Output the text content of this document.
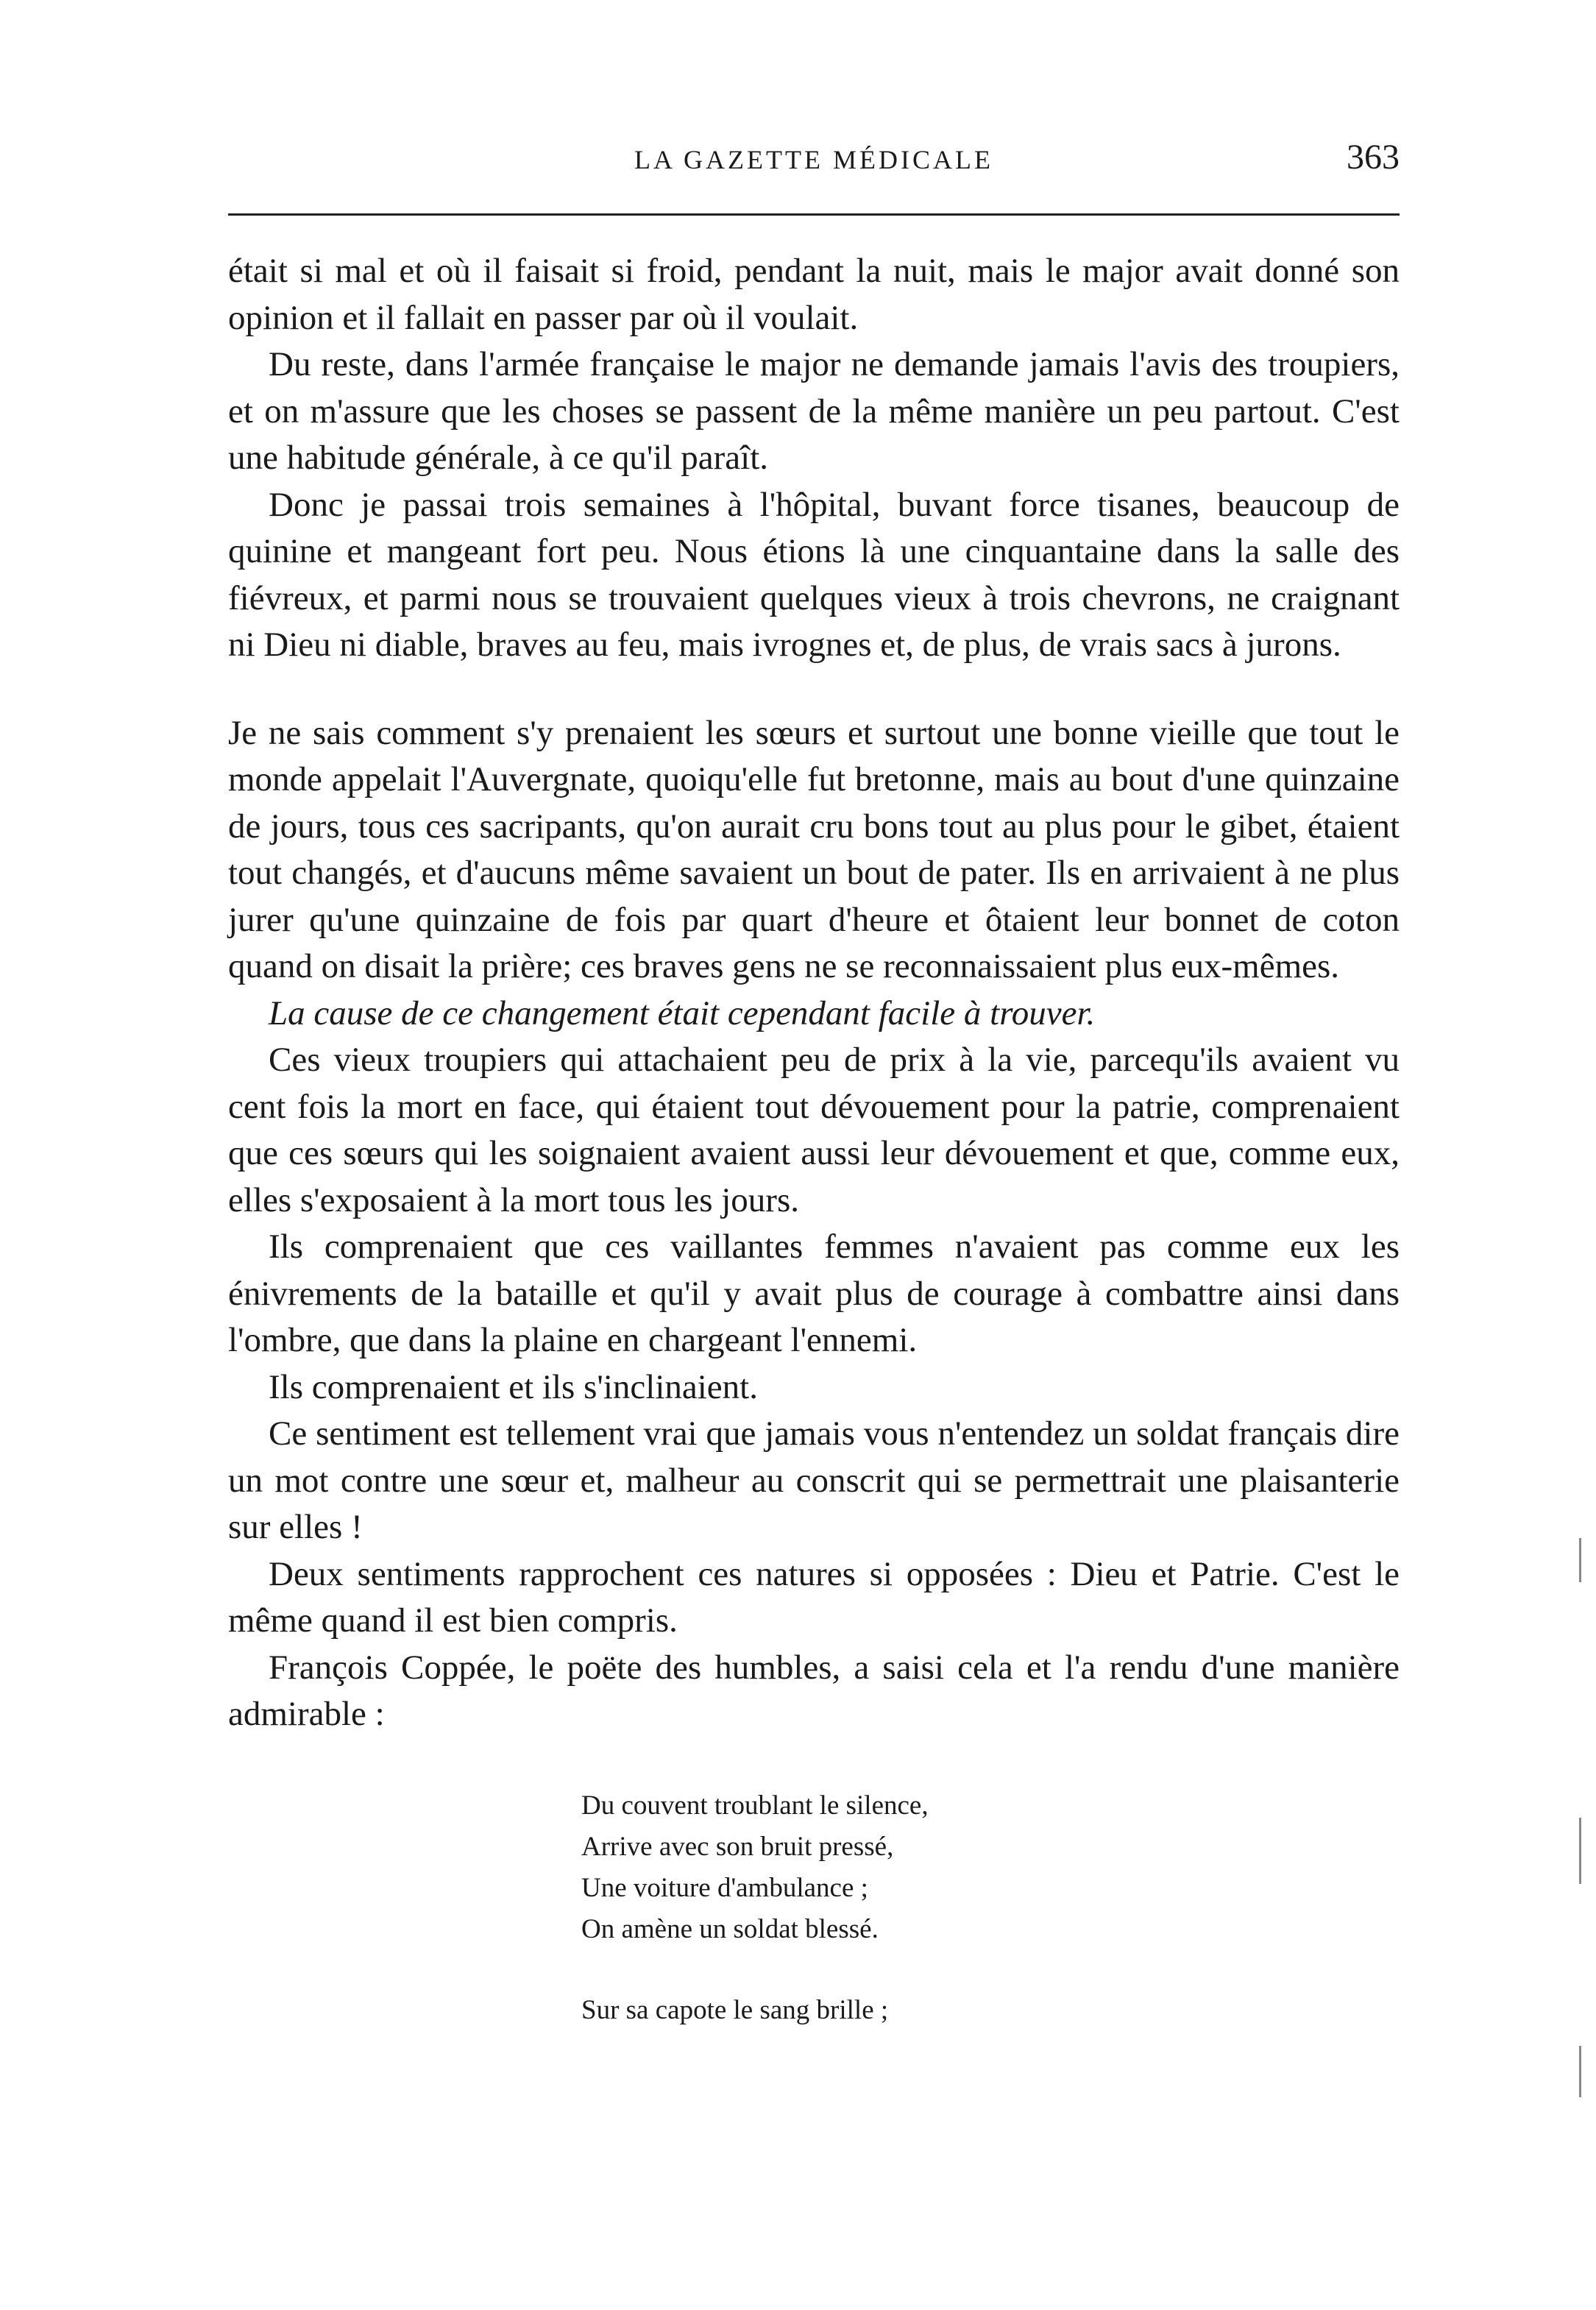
LA GAZETTE MÉDICALE	363

était si mal et où il faisait si froid, pendant la nuit, mais le major avait donné son opinion et il fallait en passer par où il voulait.

Du reste, dans l'armée française le major ne demande jamais l'avis des troupiers, et on m'assure que les choses se passent de la même manière un peu partout. C'est une habitude générale, à ce qu'il paraît.

Donc je passai trois semaines à l'hôpital, buvant force tisanes, beaucoup de quinine et mangeant fort peu. Nous étions là une cinquantaine dans la salle des fiévreux, et parmi nous se trouvaient quelques vieux à trois chevrons, ne craignant ni Dieu ni diable, braves au feu, mais ivrognes et, de plus, de vrais sacs à jurons.

Je ne sais comment s'y prenaient les sœurs et surtout une bonne vieille que tout le monde appelait l'Auvergnate, quoiqu'elle fut bretonne, mais au bout d'une quinzaine de jours, tous ces sacripants, qu'on aurait cru bons tout au plus pour le gibet, étaient tout changés, et d'aucuns même savaient un bout de pater. Ils en arrivaient à ne plus jurer qu'une quinzaine de fois par quart d'heure et ôtaient leur bonnet de coton quand on disait la prière; ces braves gens ne se reconnaissaient plus eux-mêmes.

La cause de ce changement était cependant facile à trouver.

Ces vieux troupiers qui attachaient peu de prix à la vie, parcequ'ils avaient vu cent fois la mort en face, qui étaient tout dévouement pour la patrie, comprenaient que ces sœurs qui les soignaient avaient aussi leur dévouement et que, comme eux, elles s'exposaient à la mort tous les jours.

Ils comprenaient que ces vaillantes femmes n'avaient pas comme eux les énivrements de la bataille et qu'il y avait plus de courage à combattre ainsi dans l'ombre, que dans la plaine en chargeant l'ennemi.

Ils comprenaient et ils s'inclinaient.

Ce sentiment est tellement vrai que jamais vous n'entendez un soldat français dire un mot contre une sœur et, malheur au conscrit qui se permettrait une plaisanterie sur elles !

Deux sentiments rapprochent ces natures si opposées : Dieu et Patrie. C'est le même quand il est bien compris.

François Coppée, le poëte des humbles, a saisi cela et l'a rendu d'une manière admirable :

Du couvent troublant le silence,
Arrive avec son bruit pressé,
Une voiture d'ambulance ;
On amène un soldat blessé.
Sur sa capote le sang brille ;
